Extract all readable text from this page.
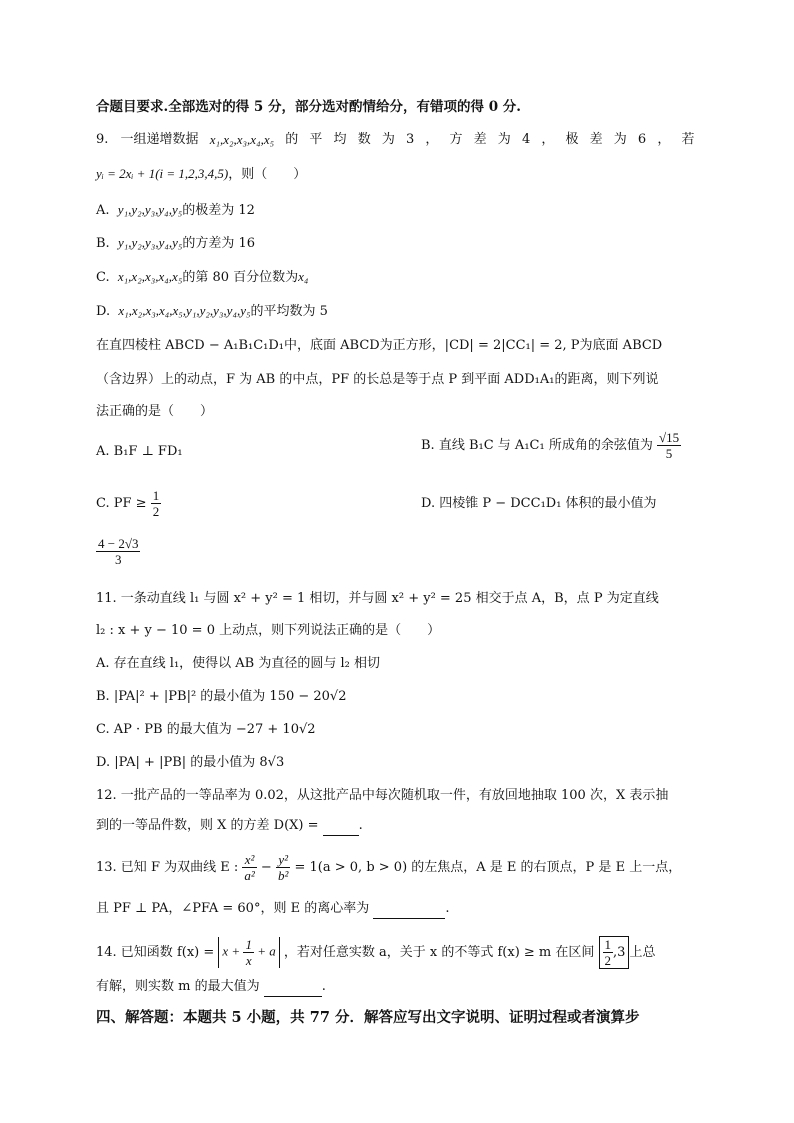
合题目要求.全部选对的得 5 分，部分选对酌情给分，有错项的得 0 分.
9. 一组递增数据 x₁,x₂,x₃,x₄,x₅ 的 平 均 数 为 3 ， 方 差 为 4 ， 极 差 为 6 ， 若
yᵢ = 2xᵢ + 1(i = 1,2,3,4,5)，则（　　）
A. y₁,y₂,y₃,y₄,y₅的极差为 12
B. y₁,y₂,y₃,y₄,y₅的方差为 16
C. x₁,x₂,x₃,x₄,x₅的第 80 百分位数为x₄
D. x₁,x₂,x₃,x₄,x₅,y₁,y₂,y₃,y₄,y₅的平均数为 5
在直四棱柱 ABCD − A₁B₁C₁D₁中，底面 ABCD为正方形，|CD| = 2|CC₁| = 2, P为底面 ABCD
（含边界）上的动点，F 为 AB 的中点，PF 的长总是等于点 P 到平面 ADD₁A₁的距离，则下列说
法正确的是（　　）
A. B₁F ⊥ FD₁	B. 直线 B₁C 与 A₁C₁ 所成角的余弦值为 $\frac{√15}{5}$
C. PF ≥ $\frac{1}{2}$	D. 四棱锥 P − DCC₁D₁ 体积的最小值为
$\frac{4 - 2√3}{3}$
11. 一条动直线 l₁ 与圆 x² + y² = 1 相切，并与圆 x² + y² = 25 相交于点 A，B，点 P 为定直线
l₂ : x + y − 10 = 0 上动点，则下列说法正确的是（　　）
A. 存在直线 l₁，使得以 AB 为直径的圆与 l₂ 相切
B. |PA|² + |PB|² 的最小值为 150 − 20√2
C. AP · PB 的最大值为 −27 + 10√2
D. |PA| + |PB| 的最小值为 8√3
12. 一批产品的一等品率为 0.02，从这批产品中每次随机取一件，有放回地抽取 100 次，X 表示抽
到的一等品件数，则 X 的方差 D(X) =	.
13. 已知 F 为双曲线 E : $\frac{\text{x²}}{\text{a²}} - \frac{\text{y²}}{\text{b²}} = 1(a > 0$, b > 0) 的左焦点，A 是 E 的右顶点，P 是 E 上一点，
且 PF ⊥ PA，∠PFA = 60°，则 E 的离心率为	.
14. 已知函数 $f(x) = x + \frac{1}{x} + a$ ，若对任意实数 a，关于 x 的不等式 f(x) ≥ m 在区间 $\frac{1}{2} ,3$ 上总
有解，则实数 m 的最大值为	.
四、解答题：本题共 5 小题，共 77 分．解答应写出文字说明、证明过程或者演算步
